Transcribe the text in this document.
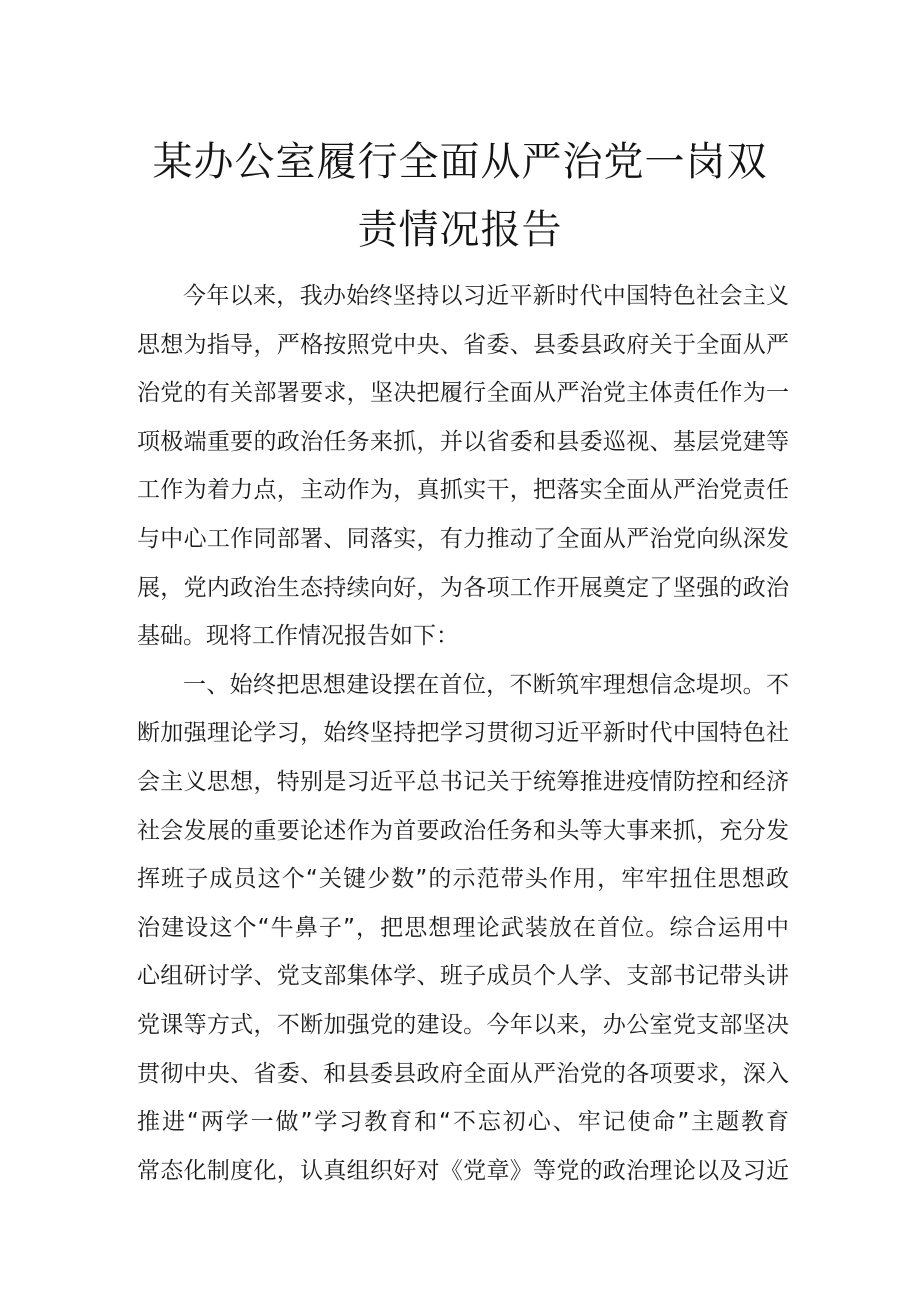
某办公室履行全面从严治党一岗双
责情况报告
今年以来，我办始终坚持以习近平新时代中国特色社会主义
思想为指导，严格按照党中央、省委、县委县政府关于全面从严
治党的有关部署要求，坚决把履行全面从严治党主体责任作为一
项极端重要的政治任务来抓，并以省委和县委巡视、基层党建等
工作为着力点，主动作为，真抓实干，把落实全面从严治党责任
与中心工作同部署、同落实，有力推动了全面从严治党向纵深发
展，党内政治生态持续向好，为各项工作开展奠定了坚强的政治
基础。现将工作情况报告如下：
一、始终把思想建设摆在首位，不断筑牢理想信念堤坝。不
断加强理论学习，始终坚持把学习贯彻习近平新时代中国特色社
会主义思想，特别是习近平总书记关于统筹推进疫情防控和经济
社会发展的重要论述作为首要政治任务和头等大事来抓，充分发
挥班子成员这个“关键少数”的示范带头作用，牢牢扭住思想政
治建设这个“牛鼻子”，把思想理论武装放在首位。综合运用中
心组研讨学、党支部集体学、班子成员个人学、支部书记带头讲
党课等方式，不断加强党的建设。今年以来，办公室党支部坚决
贯彻中央、省委、和县委县政府全面从严治党的各项要求，深入
推进“两学一做”学习教育和“不忘初心、牢记使命”主题教育
常态化制度化，认真组织好对《党章》等党的政治理论以及习近
